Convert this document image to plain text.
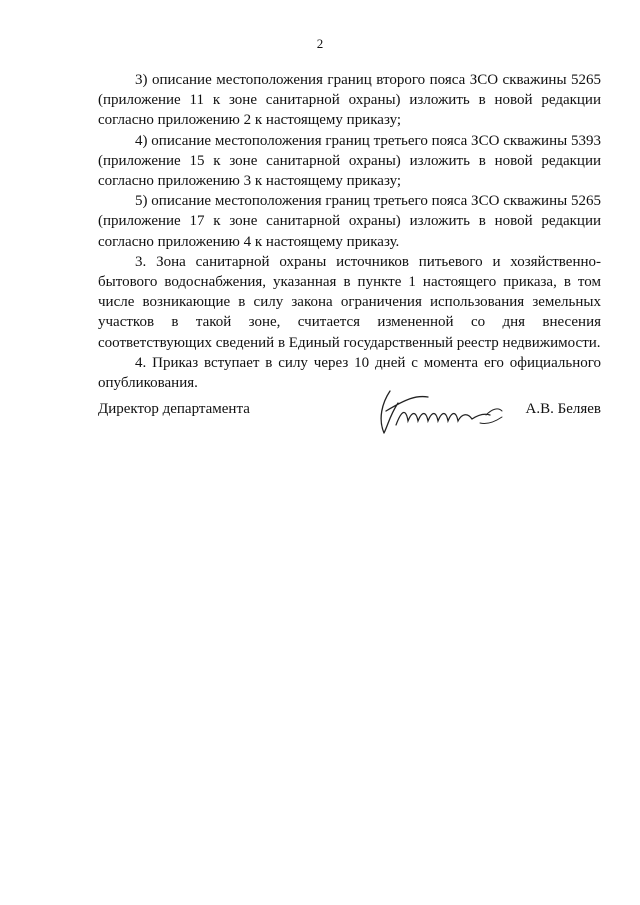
2

3) описание местоположения границ второго пояса ЗСО скважины 5265 (приложение 11 к зоне санитарной охраны) изложить в новой редакции согласно приложению 2 к настоящему приказу;

4) описание местоположения границ третьего пояса ЗСО скважины 5393 (приложение 15 к зоне санитарной охраны) изложить в новой редакции согласно приложению 3 к настоящему приказу;

5) описание местоположения границ третьего пояса ЗСО скважины 5265 (приложение 17 к зоне санитарной охраны) изложить в новой редакции согласно приложению 4 к настоящему приказу.

3. Зона санитарной охраны источников питьевого и хозяйственно-бытового водоснабжения, указанная в пункте 1 настоящего приказа, в том числе возникающие в силу закона ограничения использования земельных участков в такой зоне, считается измененной со дня внесения соответствующих сведений в Единый государственный реестр недвижимости.

4. Приказ вступает в силу через 10 дней с момента его официального опубликования.

Директор департамента	А.В. Беляев
